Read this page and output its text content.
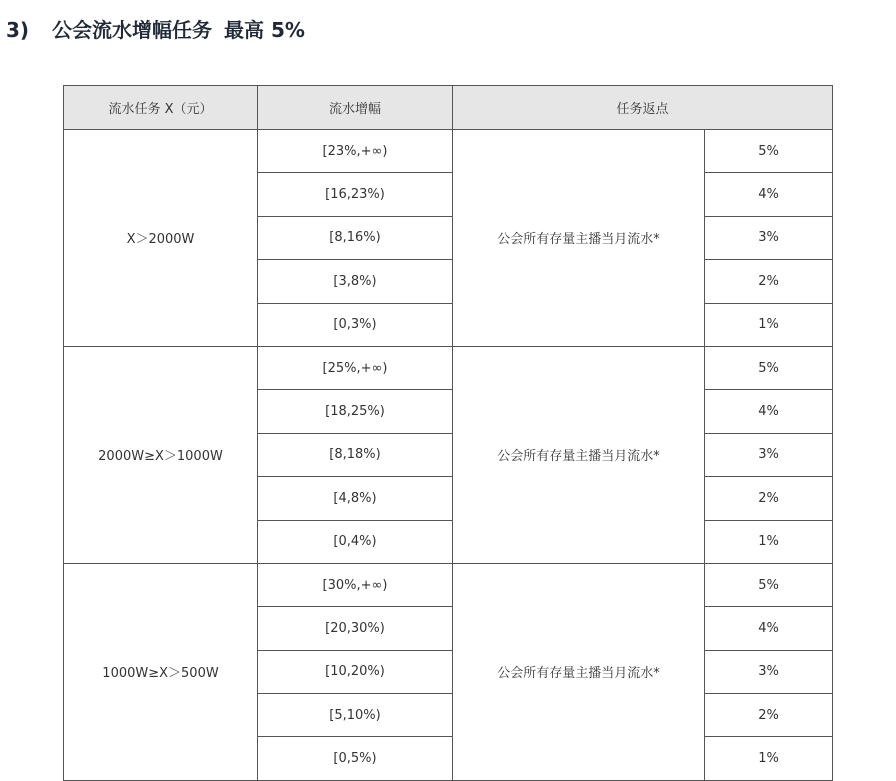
3) 公会流水增幅任务 最高 5%
流水任务 X（元）	流水增幅	任务返点	
X＞2000W	[23%,+∞)	公会所有存量主播当月流水*	5%
	[16,23%)		4%
	[8,16%)		3%
	[3,8%)		2%
	[0,3%)		1%
2000W≥X＞1000W	[25%,+∞)	公会所有存量主播当月流水*	5%
	[18,25%)		4%
	[8,18%)		3%
	[4,8%)		2%
	[0,4%)		1%
1000W≥X＞500W	[30%,+∞)	公会所有存量主播当月流水*	5%
	[20,30%)		4%
	[10,20%)		3%
	[5,10%)		2%
	[0,5%)		1%
